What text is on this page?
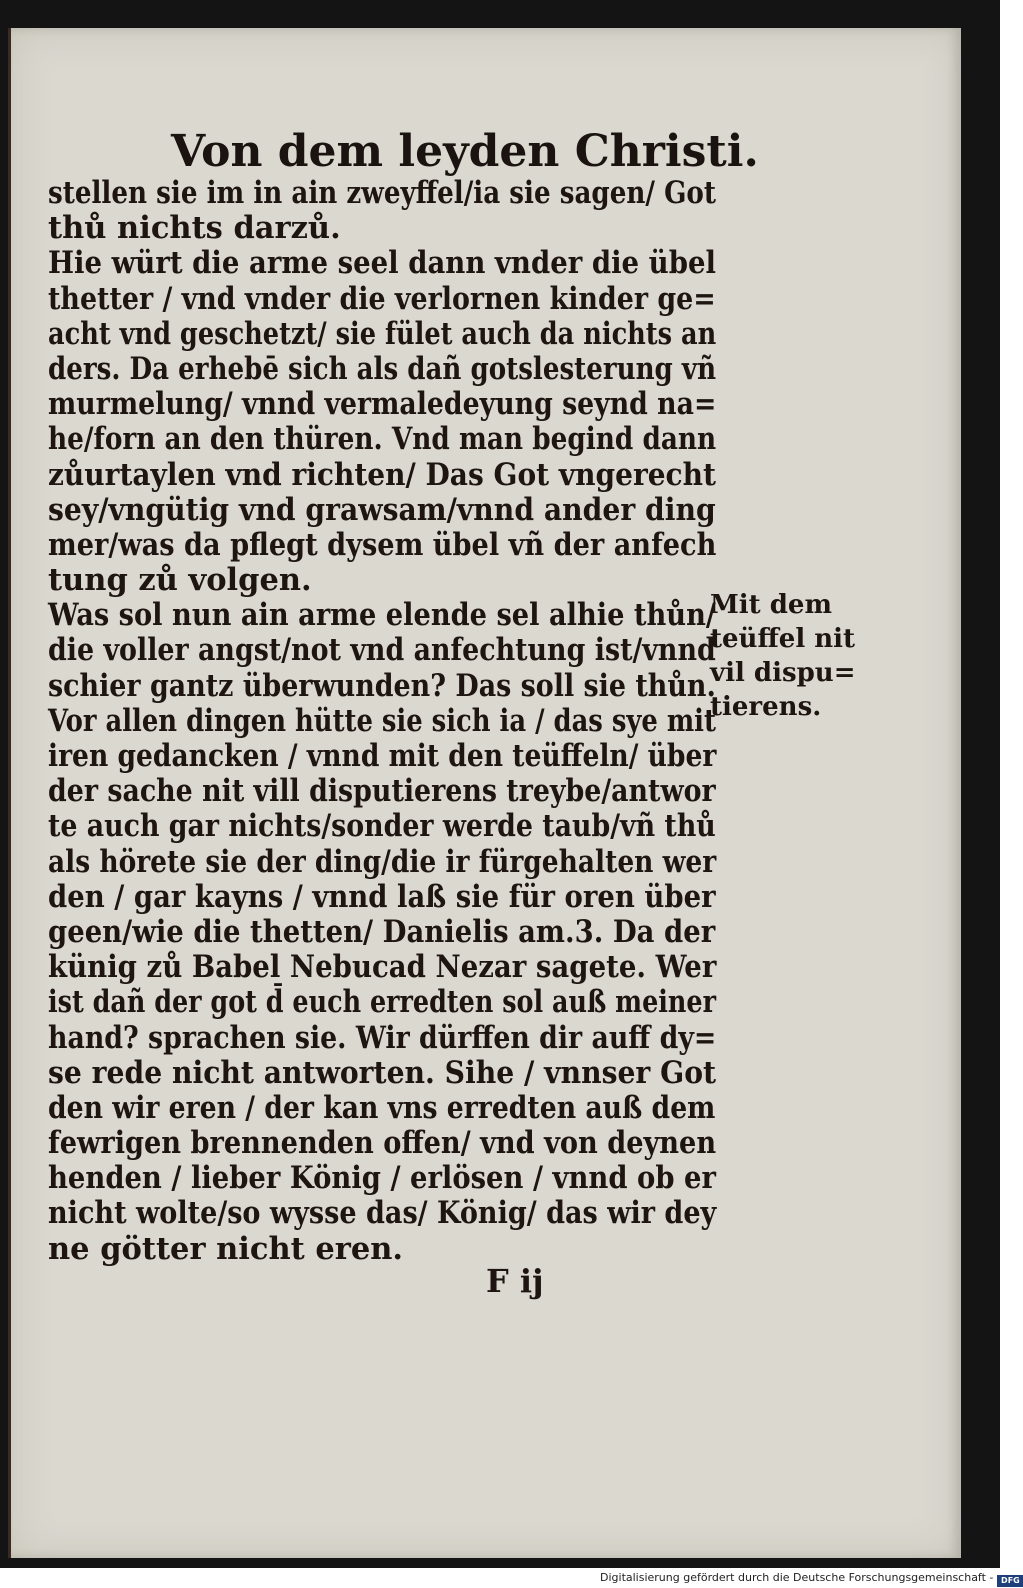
Von dem leyden Christi.
stellen sie im in ain zweyffel/ia sie sagen/ Got
thů nichts darzů.
Hie würt die arme seel dann vnder die übel
thetter / vnd vnder die verlornen kinder ge=
acht vnd geschetzt/ sie fület auch da nichts an
ders. Da erhebē sich als dañ gotslesterung vñ
murmelung/ vnnd vermaledeyung seynd na=
he/forn an den thüren. Vnd man begind dann
zůurtaylen vnd richten/ Das Got vngerecht
sey/vngütig vnd grawsam/vnnd ander ding
mer/was da pflegt dysem übel vñ der anfech
tung zů volgen.
Was sol nun ain arme elende sel alhie thůn/
die voller angst/not vnd anfechtung ist/vnnd
schier gantz überwunden? Das soll sie thůn.
Vor allen dingen hütte sie sich ia / das sye mit
iren gedancken / vnnd mit den teüffeln/ über
der sache nit vill disputierens treybe/antwor
te auch gar nichts/sonder werde taub/vñ thů
als hörete sie der ding/die ir fürgehalten wer
den / gar kayns / vnnd laß sie für oren über
geen/wie die thetten/ Danielis am.3. Da der
künig zů Babel Nebucad Nezar sagete. Wer
ist dañ der got d̄ euch erredten sol auß meiner
hand? sprachen sie. Wir dürffen dir auff dy=
se rede nicht antworten. Sihe / vnnser Got
den wir eren / der kan vns erredten auß dem
fewrigen brennenden offen/ vnd von deynen
henden / lieber König / erlösen / vnnd ob er
nicht wolte/so wysse das/ König/ das wir dey
ne götter nicht eren.
Mit dem
teüffel nit
vil dispu=
tierens.
F ij
Digitalisierung gefördert durch die Deutsche Forschungsgemeinschaft - DFG
